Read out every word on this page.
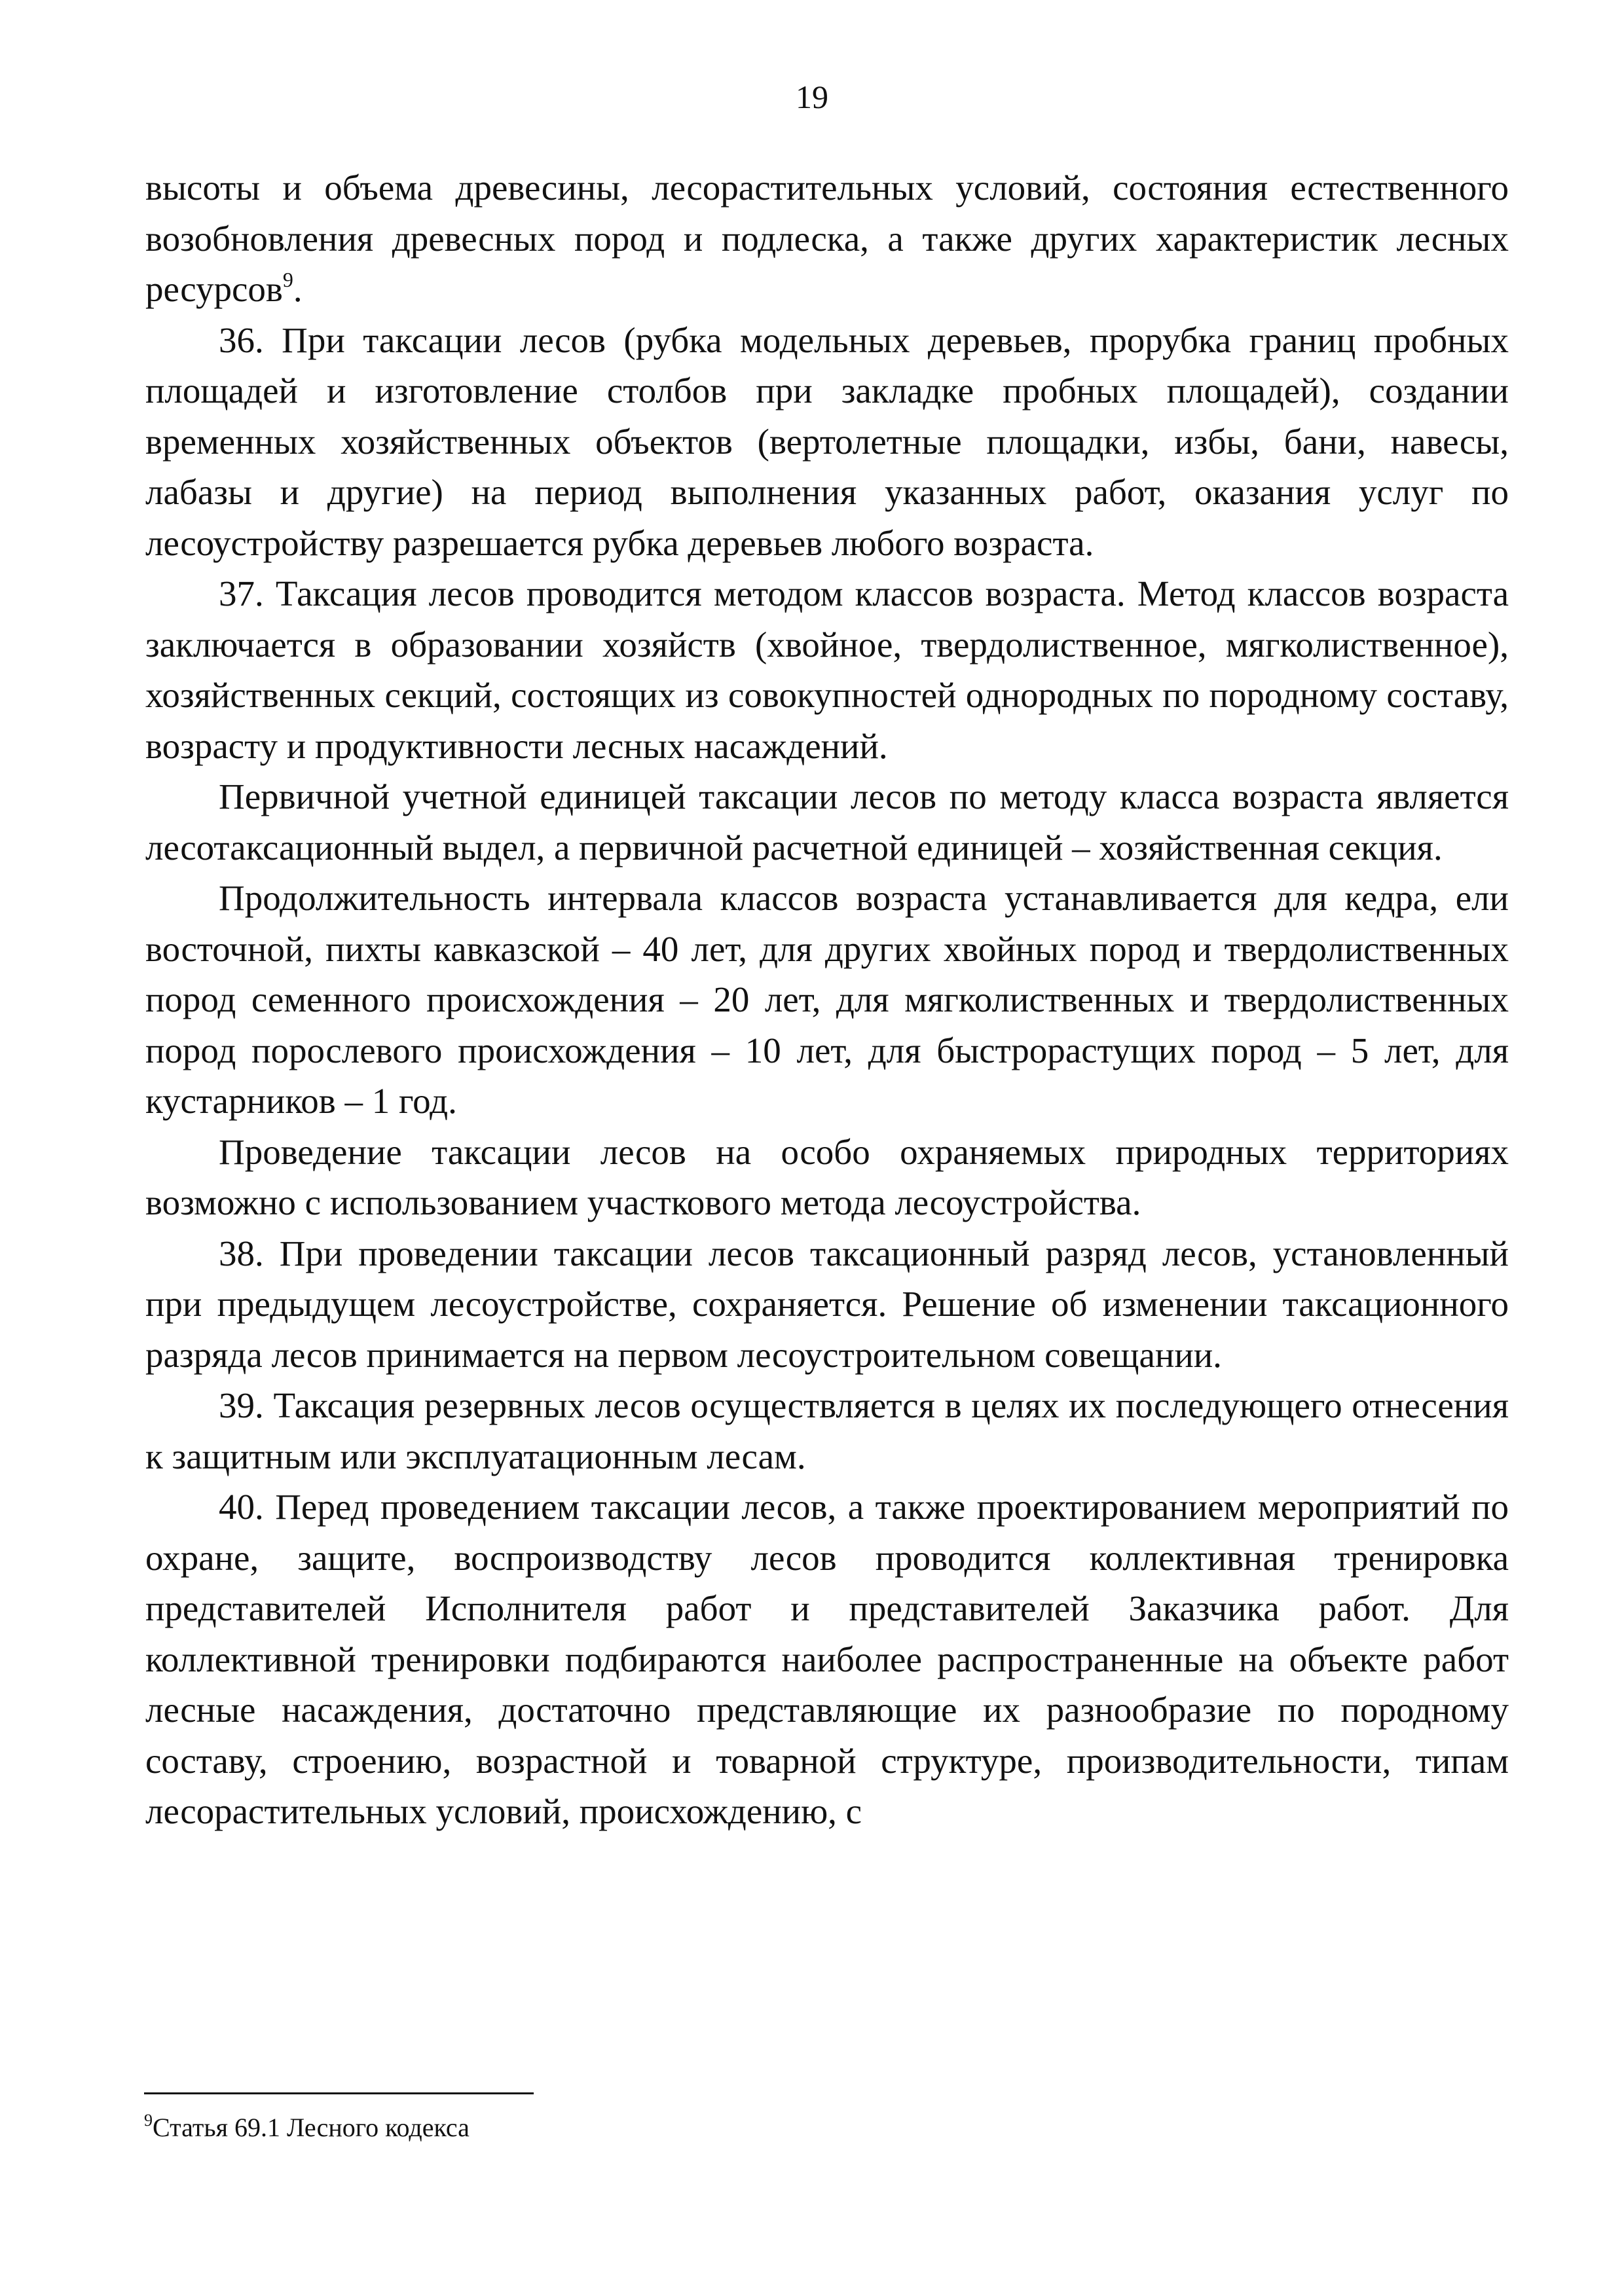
19

высоты и объема древесины, лесорастительных условий, состояния естественного возобновления древесных пород и подлеска, а также других характеристик лесных ресурсов$^9$.

36. При таксации лесов (рубка модельных деревьев, прорубка границ пробных площадей и изготовление столбов при закладке пробных площадей), создании временных хозяйственных объектов (вертолетные площадки, избы, бани, навесы, лабазы и другие) на период выполнения указанных работ, оказания услуг по лесоустройству разрешается рубка деревьев любого возраста.

37. Таксация лесов проводится методом классов возраста. Метод классов возраста заключается в образовании хозяйств (хвойное, твердолиственное, мягколиственное), хозяйственных секций, состоящих из совокупностей однородных по породному составу, возрасту и продуктивности лесных насаждений.

Первичной учетной единицей таксации лесов по методу класса возраста является лесотаксационный выдел, а первичной расчетной единицей – хозяйственная секция.

Продолжительность интервала классов возраста устанавливается для кедра, ели восточной, пихты кавказской – 40 лет, для других хвойных пород и твердолиственных пород семенного происхождения – 20 лет, для мягколиственных и твердолиственных пород порослевого происхождения – 10 лет, для быстрорастущих пород – 5 лет, для кустарников – 1 год.

Проведение таксации лесов на особо охраняемых природных территориях возможно с использованием участкового метода лесоустройства.

38. При проведении таксации лесов таксационный разряд лесов, установленный при предыдущем лесоустройстве, сохраняется. Решение об изменении таксационного разряда лесов принимается на первом лесоустроительном совещании.

39. Таксация резервных лесов осуществляется в целях их последующего отнесения к защитным или эксплуатационным лесам.

40. Перед проведением таксации лесов, а также проектированием мероприятий по охране, защите, воспроизводству лесов проводится коллективная тренировка представителей Исполнителя работ и представителей Заказчика работ. Для коллективной тренировки подбираются наиболее распространенные на объекте работ лесные насаждения, достаточно представляющие их разнообразие по породному составу, строению, возрастной и товарной структуре, производительности, типам лесорастительных условий, происхождению, с

$^9$Статья 69.1 Лесного кодекса
